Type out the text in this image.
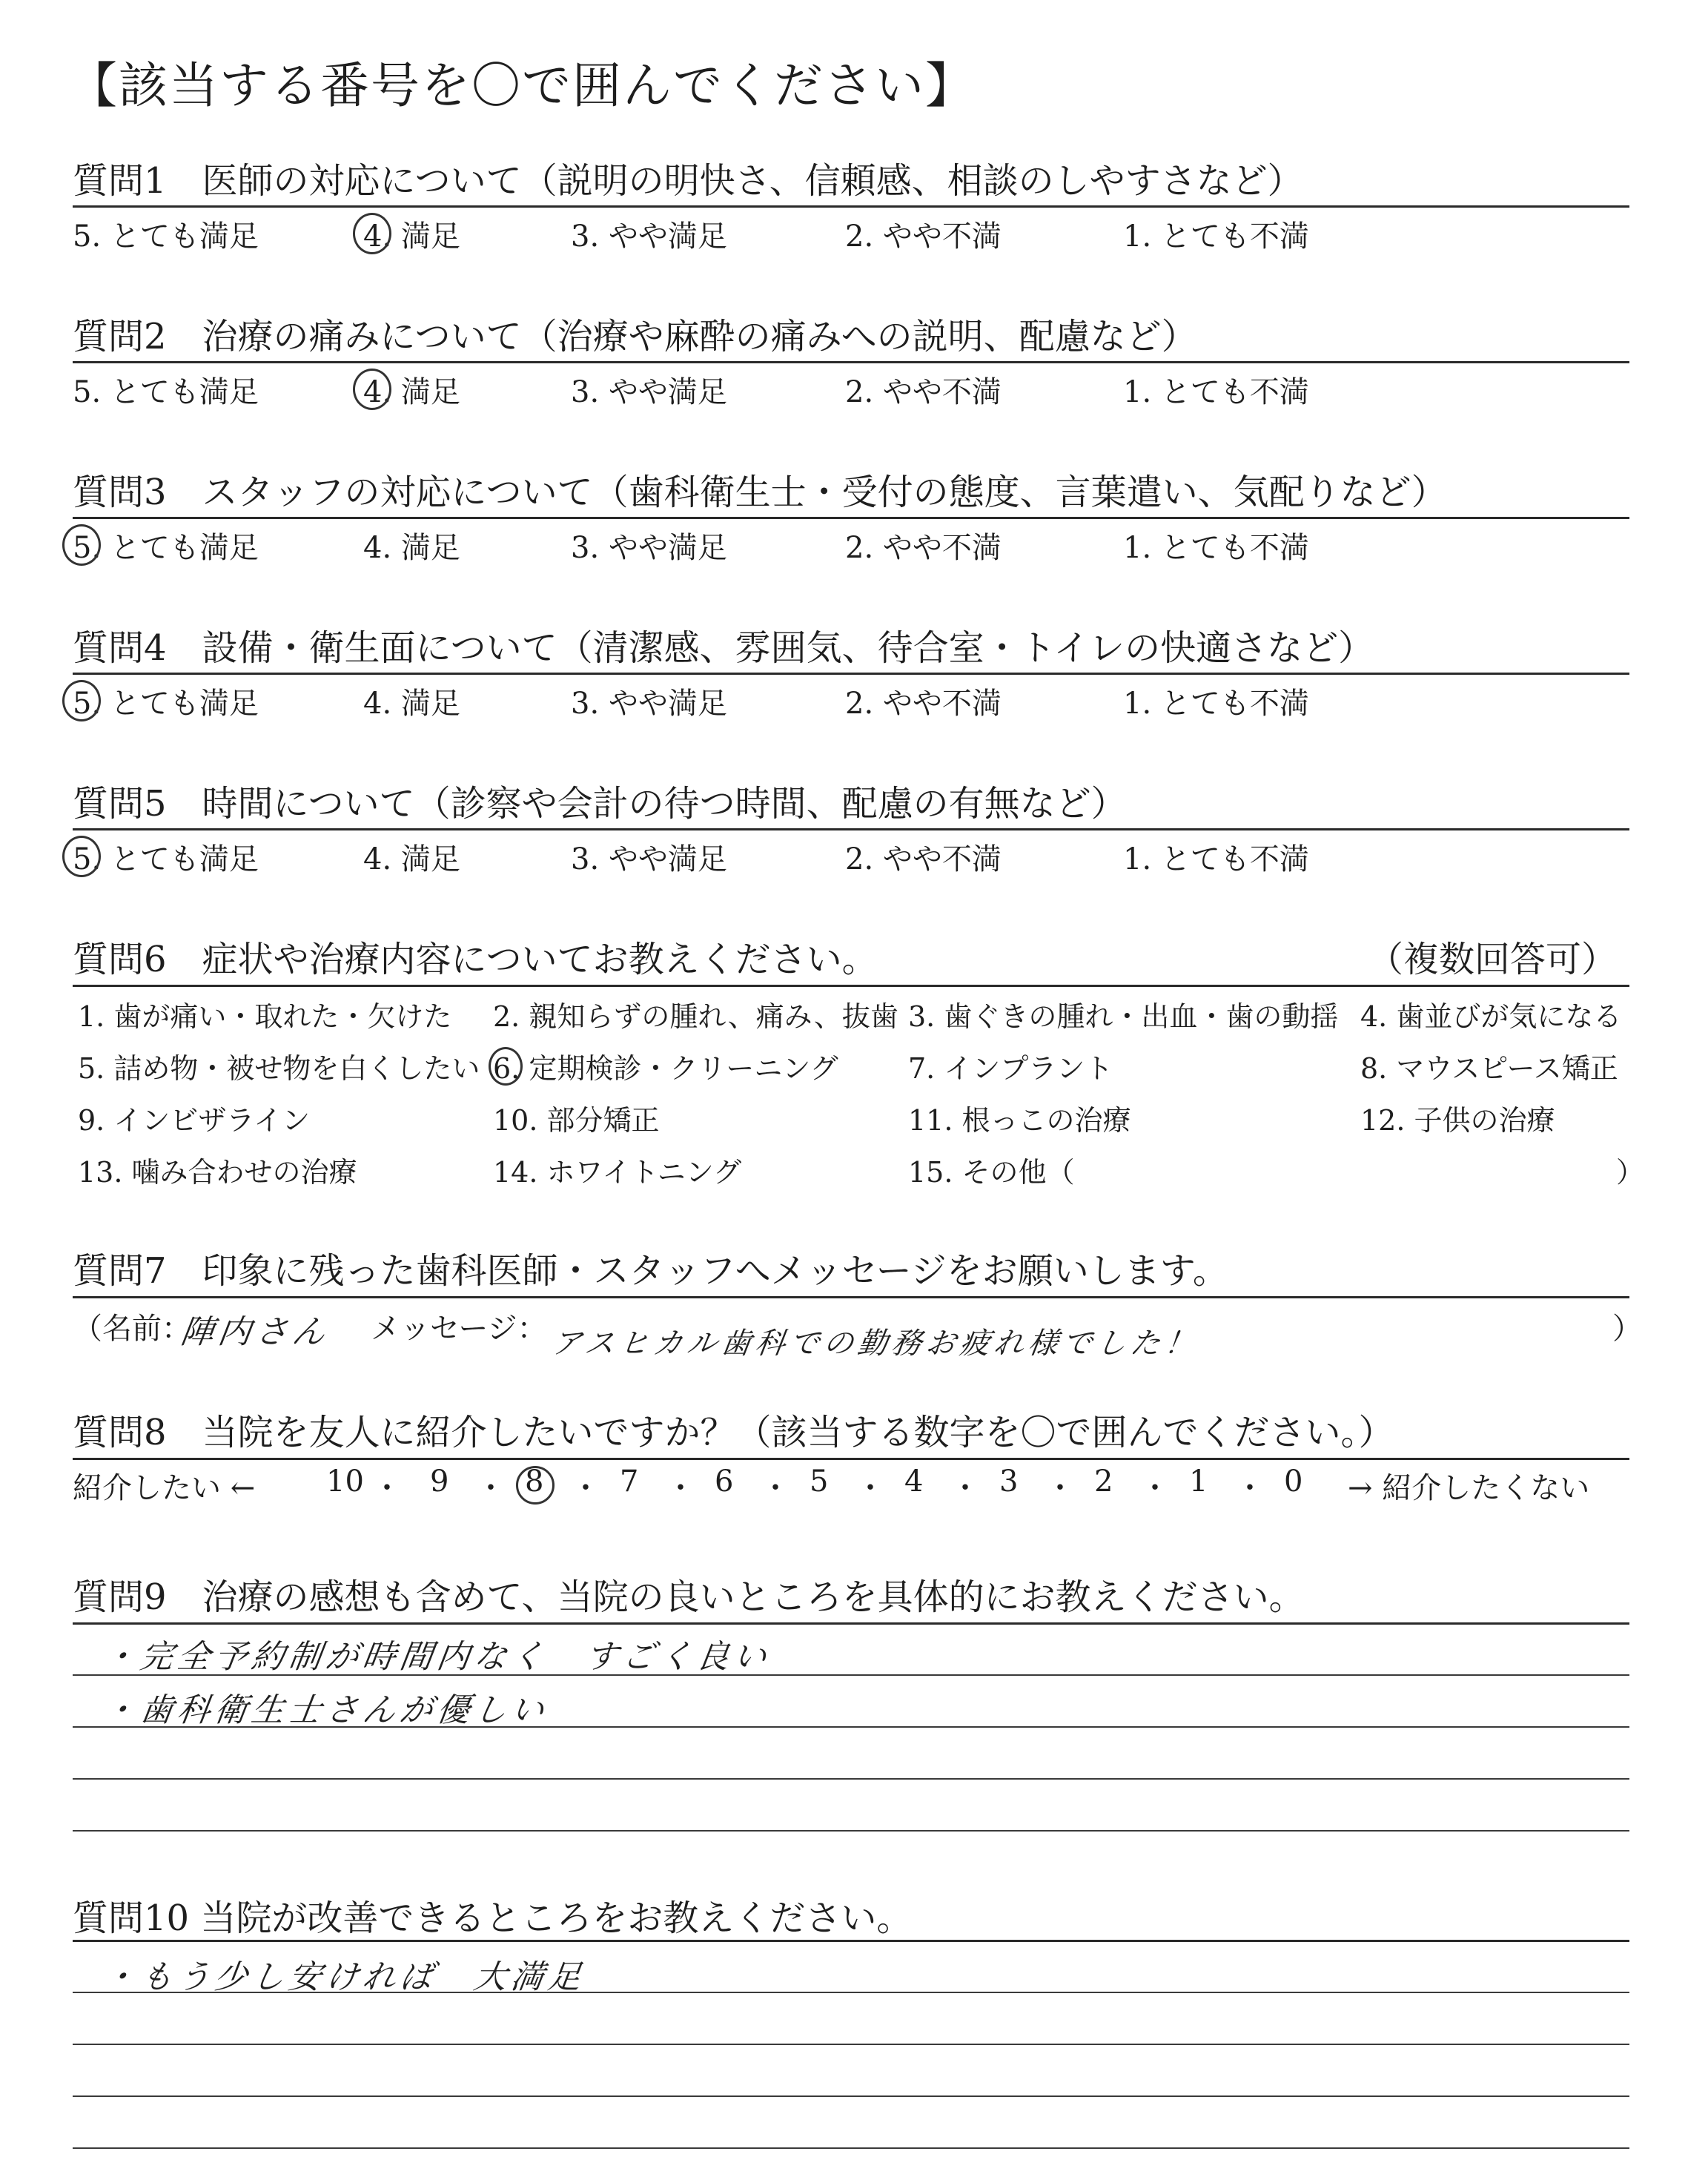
【該当する番号を〇で囲んでください】
質問1　医師の対応について（説明の明快さ、信頼感、相談のしやすさなど）
5. とても満足	4. 満足	3. やや満足	2. やや不満	1. とても不満
質問2　治療の痛みについて（治療や麻酔の痛みへの説明、配慮など）
5. とても満足	4. 満足	3. やや満足	2. やや不満	1. とても不満
質問3　スタッフの対応について（歯科衛生士・受付の態度、言葉遣い、気配りなど）
5. とても満足	4. 満足	3. やや満足	2. やや不満	1. とても不満
質問4　設備・衛生面について（清潔感、雰囲気、待合室・トイレの快適さなど）
5. とても満足	4. 満足	3. やや満足	2. やや不満	1. とても不満
質問5　時間について（診察や会計の待つ時間、配慮の有無など）
5. とても満足	4. 満足	3. やや満足	2. やや不満	1. とても不満
質問6　症状や治療内容についてお教えください。	（複数回答可）
1. 歯が痛い・取れた・欠けた 2. 親知らずの腫れ、痛み、抜歯 3. 歯ぐきの腫れ・出血・歯の動揺 4. 歯並びが気になる
5. 詰め物・被せ物を白くしたい 6. 定期検診・クリーニング 7. インプラント	8. マウスピース矯正
9. インビザライン	10. 部分矯正	11. 根っこの治療	12. 子供の治療
13. 噛み合わせの治療	14. ホワイトニング	15. その他（	）
質問7　印象に残った歯科医師・スタッフへメッセージをお願いします。
（名前：
陣内さん メッセージ： アスヒカル歯科での勤務お疲れ様でした！	）
質問8　当院を友人に紹介したいですか？（該当する数字を〇で囲んでください。）
紹介したい ←	→ 紹介したくない
10 ・ 9 ・ 8 ・ 7 ・ 6 ・ 5 ・ 4 ・ 3 ・ 2 ・ 1 ・ 0
質問9　治療の感想も含めて、当院の良いところを具体的にお教えください。
・完全予約制が時間内なく　すごく良い
・歯科衛生士さんが優しい
質問10 当院が改善できるところをお教えください。
・もう少し安ければ　大満足
